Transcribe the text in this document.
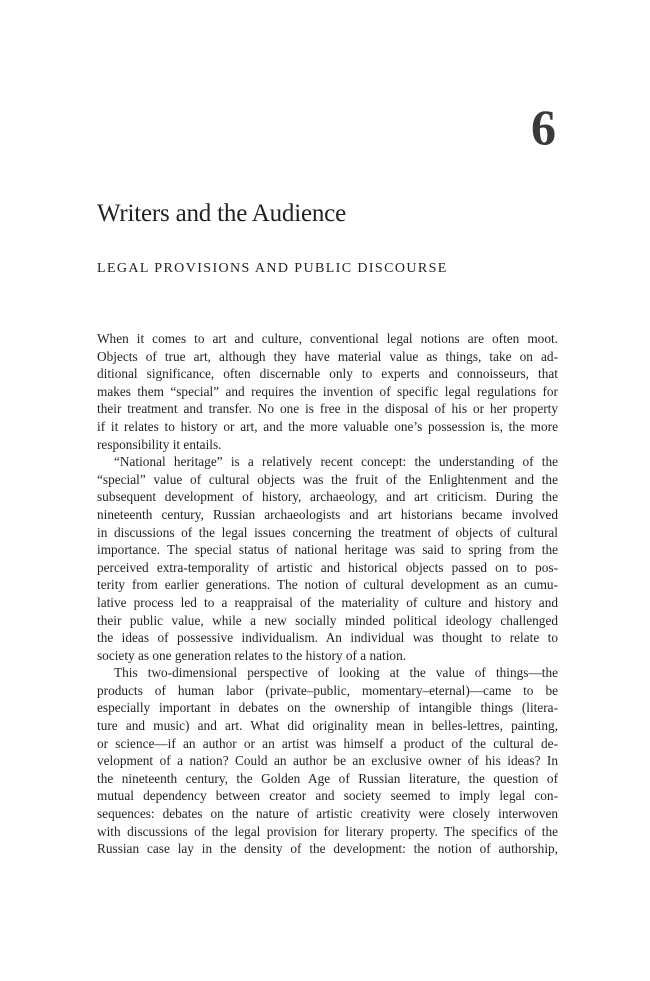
6
Writers and the Audience
LEGAL PROVISIONS AND PUBLIC DISCOURSE

When it comes to art and culture, conventional legal notions are often moot.
Objects of true art, although they have material value as things, take on ad-
ditional significance, often discernable only to experts and connoisseurs, that
makes them “special” and requires the invention of specific legal regulations for
their treatment and transfer. No one is free in the disposal of his or her property
if it relates to history or art, and the more valuable one’s possession is, the more
responsibility it entails.

“National heritage” is a relatively recent concept: the understanding of the
“special” value of cultural objects was the fruit of the Enlightenment and the
subsequent development of history, archaeology, and art criticism. During the
nineteenth century, Russian archaeologists and art historians became involved
in discussions of the legal issues concerning the treatment of objects of cultural
importance. The special status of national heritage was said to spring from the
perceived extra-temporality of artistic and historical objects passed on to pos-
terity from earlier generations. The notion of cultural development as an cumu-
lative process led to a reappraisal of the materiality of culture and history and
their public value, while a new socially minded political ideology challenged
the ideas of possessive individualism. An individual was thought to relate to
society as one generation relates to the history of a nation.

This two-dimensional perspective of looking at the value of things—the
products of human labor (private–public, momentary–eternal)—came to be
especially important in debates on the ownership of intangible things (litera-
ture and music) and art. What did originality mean in belles-lettres, painting,
or science—if an author or an artist was himself a product of the cultural de-
velopment of a nation? Could an author be an exclusive owner of his ideas? In
the nineteenth century, the Golden Age of Russian literature, the question of
mutual dependency between creator and society seemed to imply legal con-
sequences: debates on the nature of artistic creativity were closely interwoven
with discussions of the legal provision for literary property. The specifics of the
Russian case lay in the density of the development: the notion of authorship,
